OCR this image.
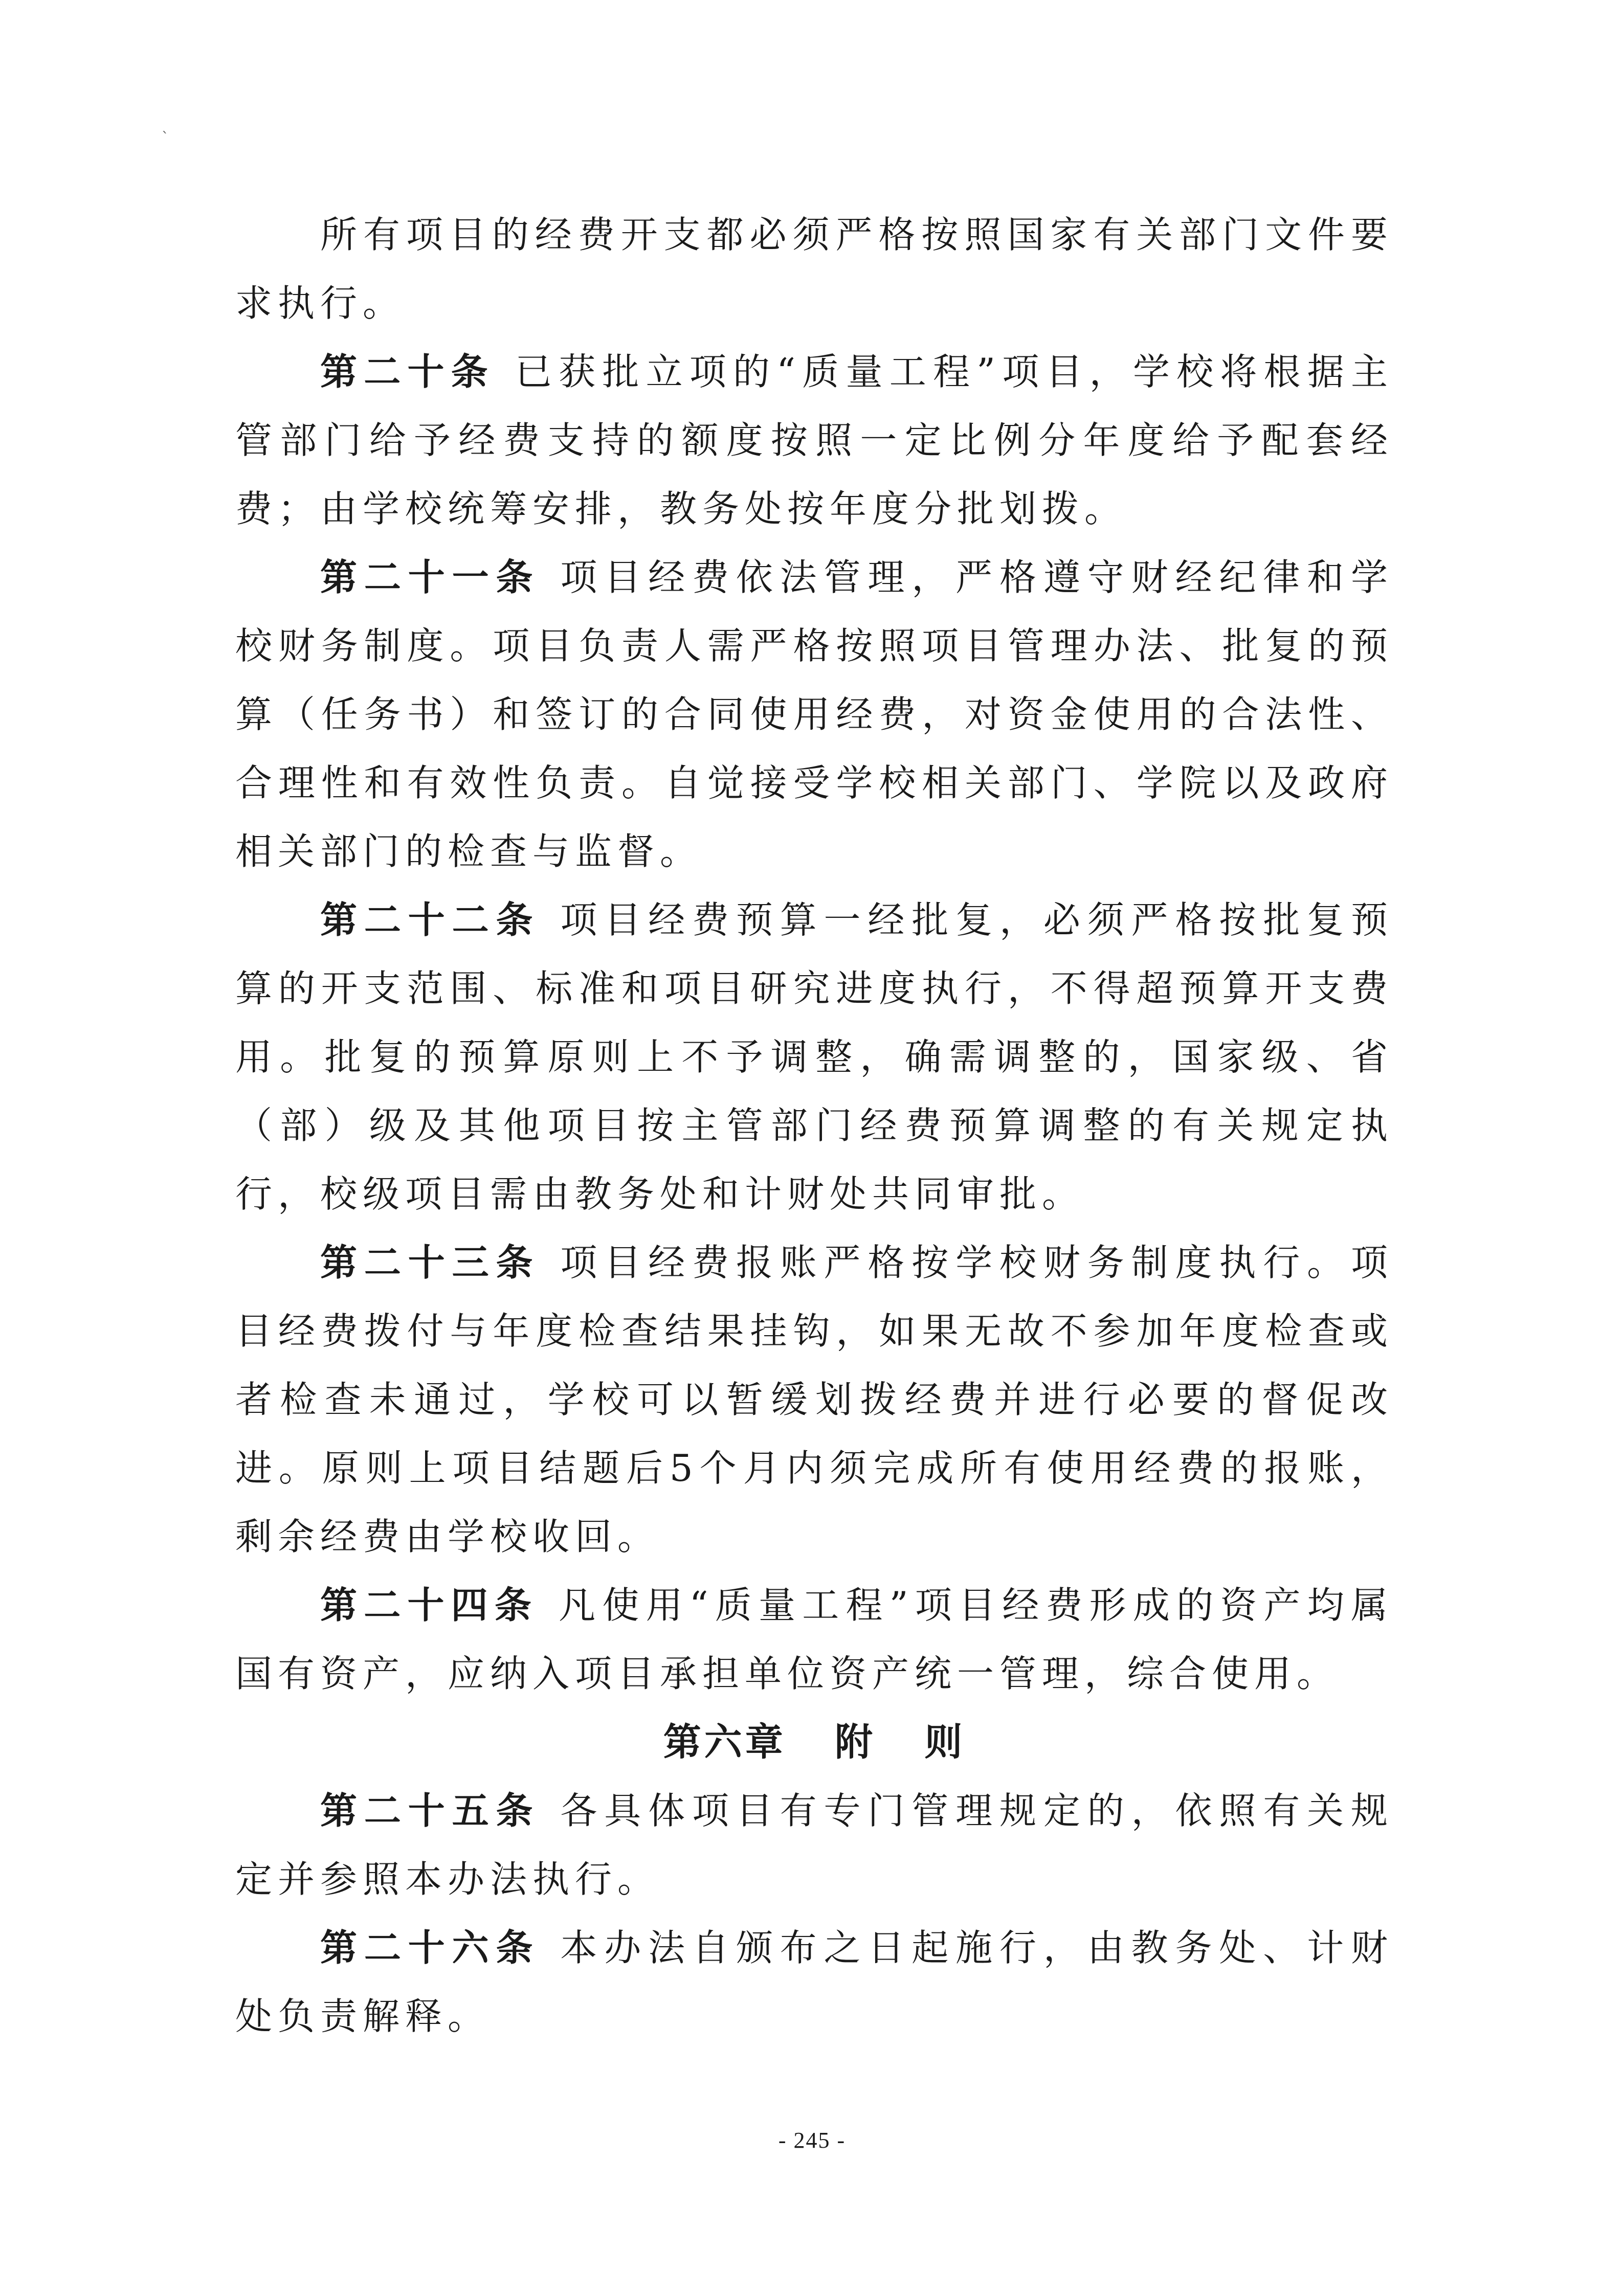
`

所有项目的经费开支都必须严格按照国家有关部门文件要求执行。

第二十条 已获批立项的“质量工程”项目，学校将根据主管部门给予经费支持的额度按照一定比例分年度给予配套经费；由学校统筹安排，教务处按年度分批划拨。

第二十一条 项目经费依法管理，严格遵守财经纪律和学校财务制度。项目负责人需严格按照项目管理办法、批复的预算（任务书）和签订的合同使用经费，对资金使用的合法性、合理性和有效性负责。自觉接受学校相关部门、学院以及政府相关部门的检查与监督。

第二十二条 项目经费预算一经批复，必须严格按批复预算的开支范围、标准和项目研究进度执行，不得超预算开支费用。批复的预算原则上不予调整，确需调整的，国家级、省（部）级及其他项目按主管部门经费预算调整的有关规定执行，校级项目需由教务处和计财处共同审批。

第二十三条 项目经费报账严格按学校财务制度执行。项目经费拨付与年度检查结果挂钩，如果无故不参加年度检查或者检查未通过，学校可以暂缓划拨经费并进行必要的督促改进。原则上项目结题后5个月内须完成所有使用经费的报账，剩余经费由学校收回。

第二十四条 凡使用“质量工程”项目经费形成的资产均属国有资产，应纳入项目承担单位资产统一管理，综合使用。

第六章   附   则

第二十五条 各具体项目有专门管理规定的，依照有关规定并参照本办法执行。

第二十六条 本办法自颁布之日起施行，由教务处、计财处负责解释。

- 245 -
